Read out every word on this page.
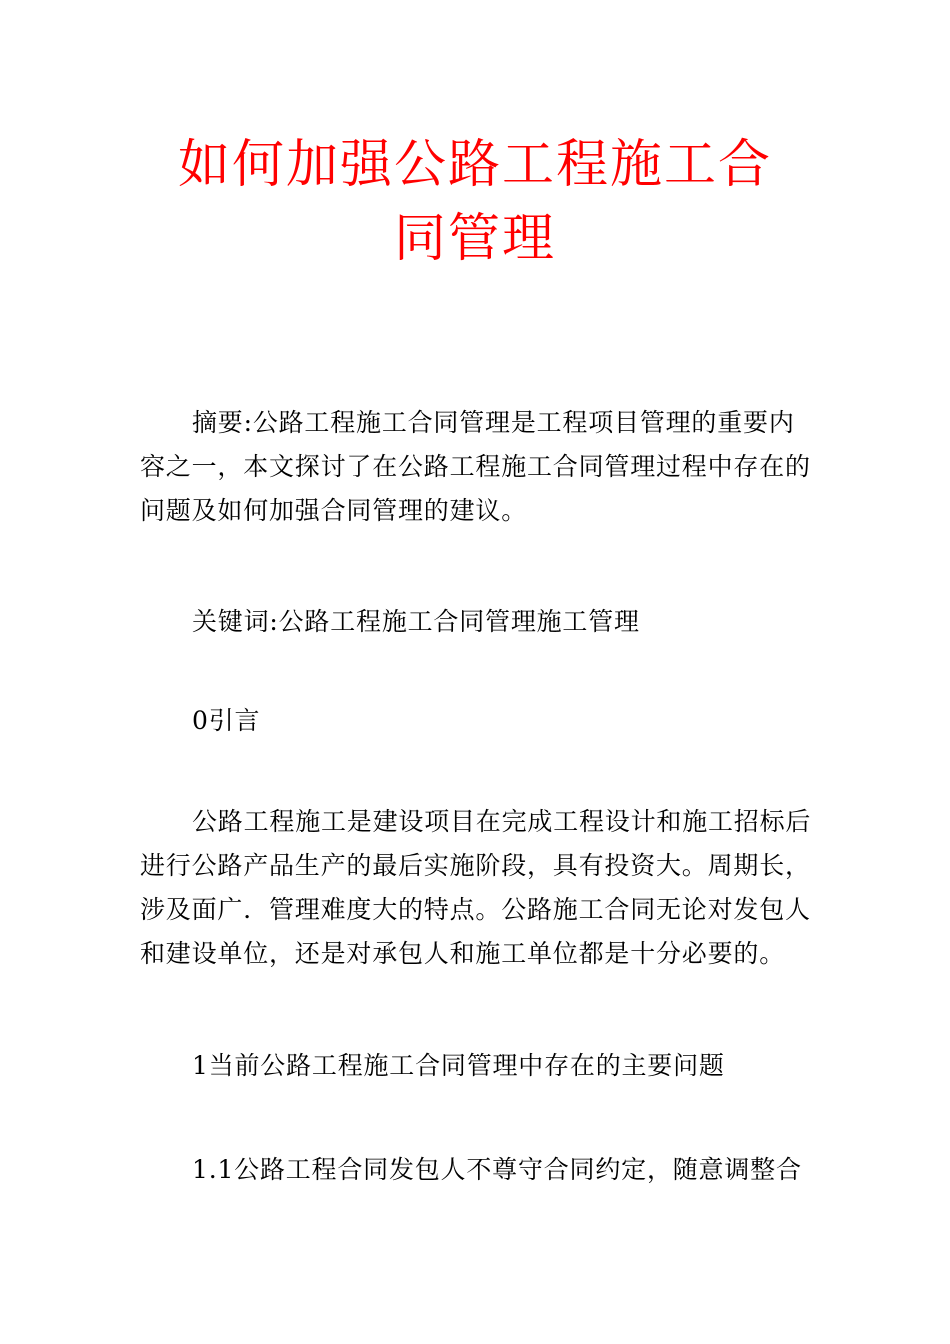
如何加强公路工程施工合
同管理
摘要:公路工程施工合同管理是工程项目管理的重要内
容之一，本文探讨了在公路工程施工合同管理过程中存在的
问题及如何加强合同管理的建议。
关键词:公路工程施工合同管理施工管理
0引言
公路工程施工是建设项目在完成工程设计和施工招标后
进行公路产品生产的最后实施阶段，具有投资大。周期长，
涉及面广．管理难度大的特点。公路施工合同无论对发包人
和建设单位，还是对承包人和施工单位都是十分必要的。
1当前公路工程施工合同管理中存在的主要问题
1.1公路工程合同发包人不尊守合同约定，随意调整合
